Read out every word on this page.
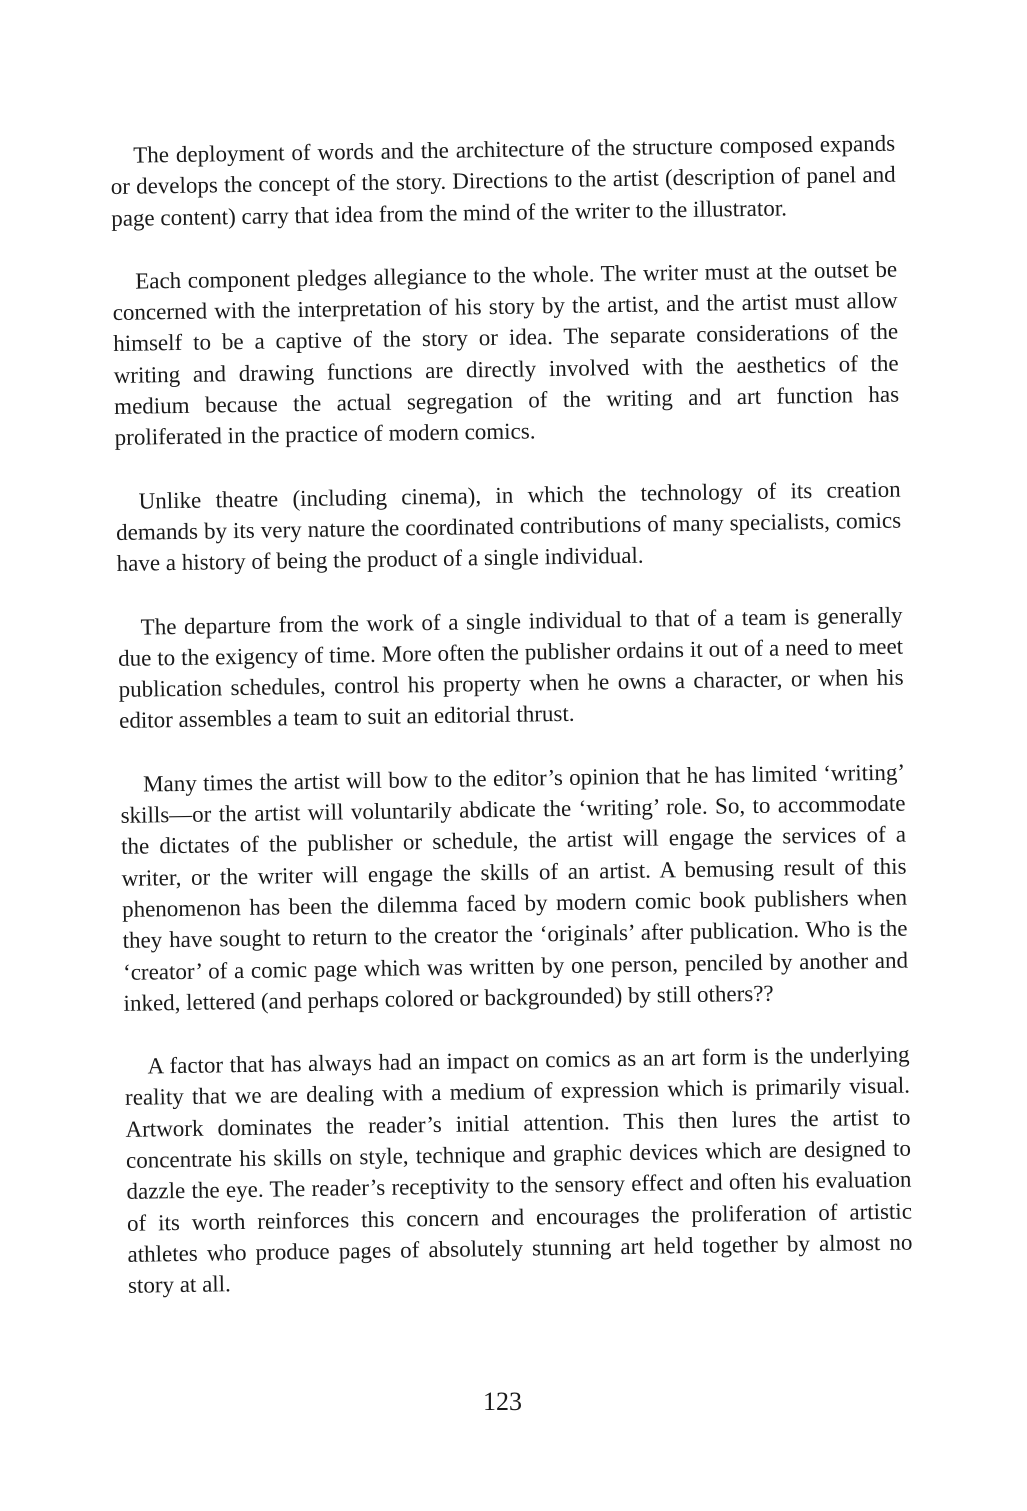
The deployment of words and the architecture of the structure composed expands or develops the concept of the story. Directions to the artist (description of panel and page content) carry that idea from the mind of the writer to the illustrator.

Each component pledges allegiance to the whole. The writer must at the outset be concerned with the interpretation of his story by the artist, and the artist must allow himself to be a captive of the story or idea. The separate considerations of the writing and drawing functions are directly involved with the aesthetics of the medium because the actual segregation of the writing and art function has proliferated in the practice of modern comics.

Unlike theatre (including cinema), in which the technology of its creation demands by its very nature the coordinated contributions of many specialists, comics have a history of being the product of a single individual.

The departure from the work of a single individual to that of a team is generally due to the exigency of time. More often the publisher ordains it out of a need to meet publication schedules, control his property when he owns a character, or when his editor assembles a team to suit an editorial thrust.

Many times the artist will bow to the editor’s opinion that he has limited ‘writing’ skills—or the artist will voluntarily abdicate the ‘writing’ role. So, to accommodate the dictates of the publisher or schedule, the artist will engage the services of a writer, or the writer will engage the skills of an artist. A bemusing result of this phenomenon has been the dilemma faced by modern comic book publishers when they have sought to return to the creator the ‘originals’ after publication. Who is the ‘creator’ of a comic page which was written by one person, penciled by another and inked, lettered (and perhaps colored or backgrounded) by still others??

A factor that has always had an impact on comics as an art form is the underlying reality that we are dealing with a medium of expression which is primarily visual. Artwork dominates the reader’s initial attention. This then lures the artist to concentrate his skills on style, technique and graphic devices which are designed to dazzle the eye. The reader’s receptivity to the sensory effect and often his evaluation of its worth reinforces this concern and encourages the proliferation of artistic athletes who produce pages of absolutely stunning art held together by almost no story at all.

123
